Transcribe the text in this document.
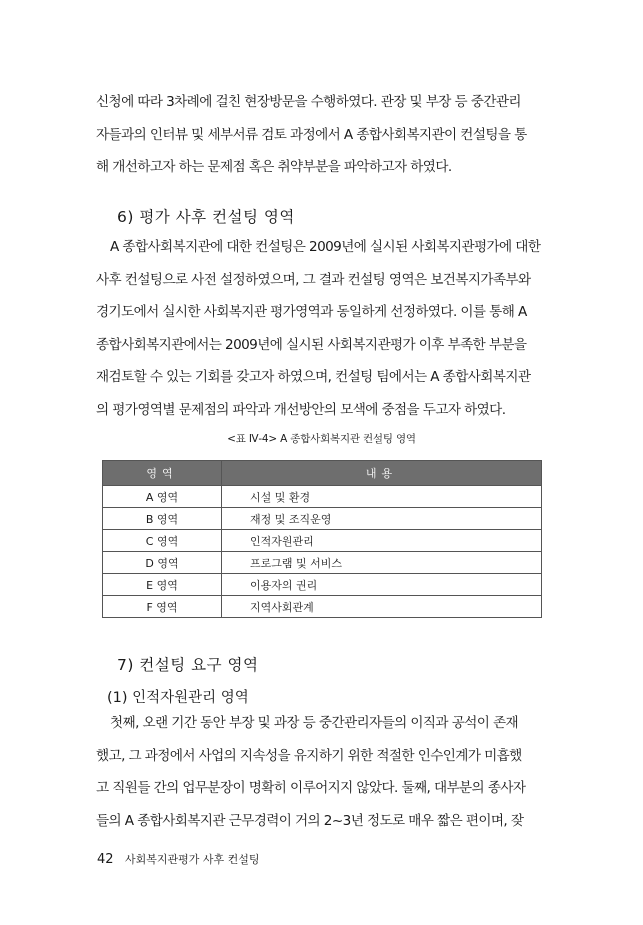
신청에 따라 3차례에 걸친 현장방문을 수행하였다. 관장 및 부장 등 중간관리
자들과의 인터뷰 및 세부서류 검토 과정에서 A 종합사회복지관이 컨설팅을 통
해 개선하고자 하는 문제점 혹은 취약부분을 파악하고자 하였다.

6) 평가 사후 컨설팅 영역

A 종합사회복지관에 대한 컨설팅은 2009년에 실시된 사회복지관평가에 대한
사후 컨설팅으로 사전 설정하였으며, 그 결과 컨설팅 영역은 보건복지가족부와
경기도에서 실시한 사회복지관 평가영역과 동일하게 선정하였다. 이를 통해 A
종합사회복지관에서는 2009년에 실시된 사회복지관평가 이후 부족한 부분을
재검토할 수 있는 기회를 갖고자 하였으며, 컨설팅 팀에서는 A 종합사회복지관
의 평가영역별 문제점의 파악과 개선방안의 모색에 중점을 두고자 하였다.

<표 Ⅳ-4> A 종합사회복지관 컨설팅 영역

영역	내용
A 영역	시설 및 환경
B 영역	재정 및 조직운영
C 영역	인적자원관리
D 영역	프로그램 및 서비스
E 영역	이용자의 권리
F 영역	지역사회관계
7) 컨설팅 요구 영역
(1) 인적자원관리 영역

첫째, 오랜 기간 동안 부장 및 과장 등 중간관리자들의 이직과 공석이 존재
했고, 그 과정에서 사업의 지속성을 유지하기 위한 적절한 인수인계가 미흡했
고 직원들 간의 업무분장이 명확히 이루어지지 않았다. 둘째, 대부분의 종사자
들의 A 종합사회복지관 근무경력이 거의 2~3년 정도로 매우 짧은 편이며, 잦

42 사회복지관평가 사후 컨설팅
